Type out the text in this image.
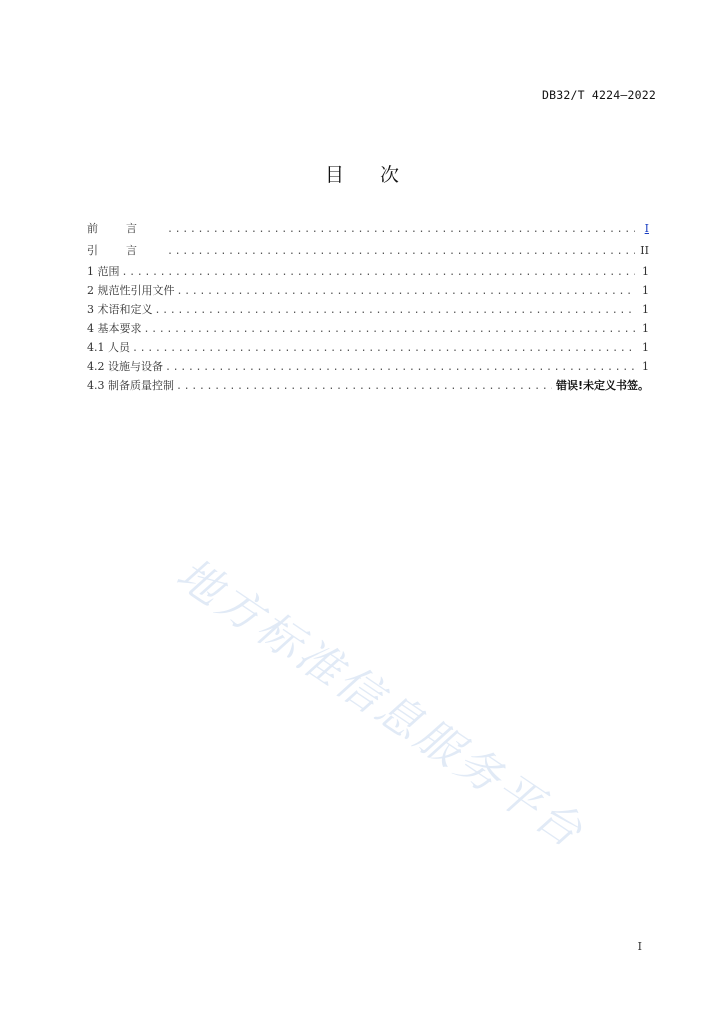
DB32/T 4224—2022
目次
前言 .....	I
引言 .....	II
1 范围 .....	1
2 规范性引用文件 .....	1
3 术语和定义 .....	1
4 基本要求 .....	1
4.1 人员 .....	1
4.2 设施与设备 .....	1
4.3 制备质量控制 .....	错误!未定义书签。
地方标准信息服务平台
I
